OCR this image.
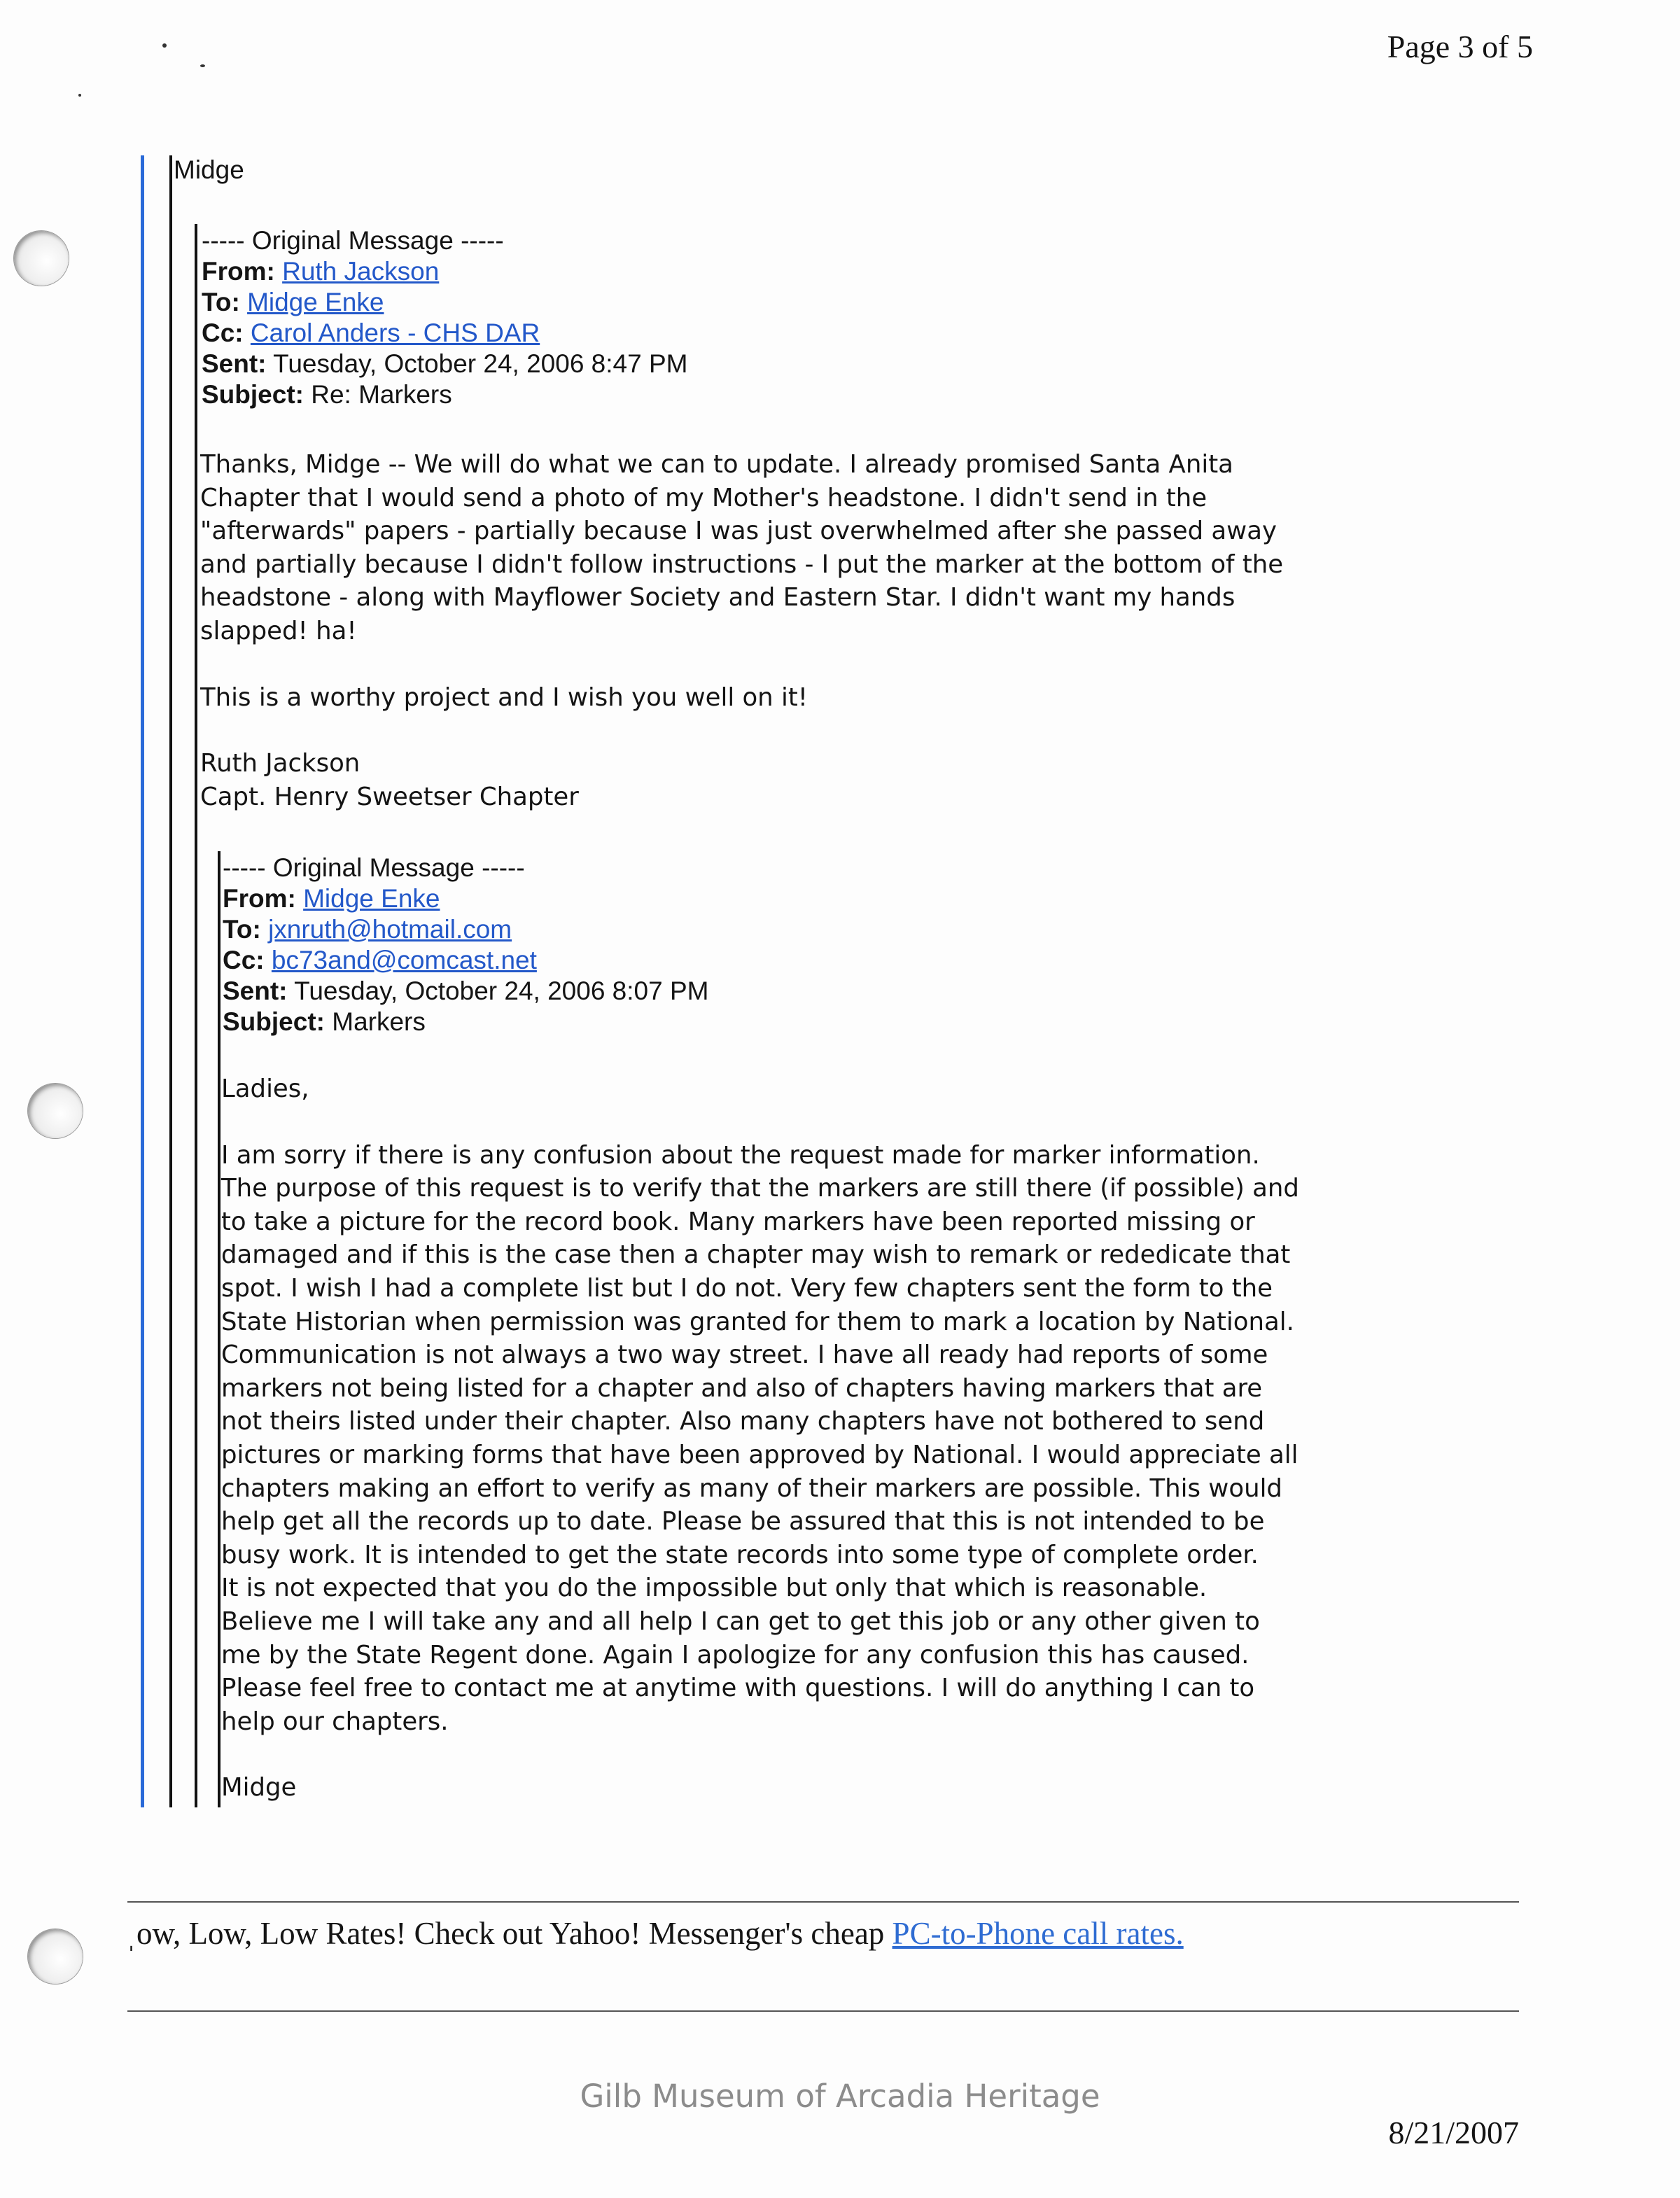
Page 3 of 5
Midge
----- Original Message -----
From: Ruth Jackson
To: Midge Enke
Cc: Carol Anders - CHS DAR
Sent: Tuesday, October 24, 2006 8:47 PM
Subject: Re: Markers
Thanks, Midge -- We will do what we can to update. I already promised Santa Anita
Chapter that I would send a photo of my Mother's headstone. I didn't send in the
"afterwards" papers - partially because I was just overwhelmed after she passed away
and partially because I didn't follow instructions - I put the marker at the bottom of the
headstone - along with Mayflower Society and Eastern Star. I didn't want my hands
slapped! ha!
This is a worthy project and I wish you well on it!
Ruth Jackson
Capt. Henry Sweetser Chapter
----- Original Message -----
From: Midge Enke
To: jxnruth@hotmail.com
Cc: bc73and@comcast.net
Sent: Tuesday, October 24, 2006 8:07 PM
Subject: Markers
Ladies,
I am sorry if there is any confusion about the request made for marker information.
The purpose of this request is to verify that the markers are still there (if possible) and
to take a picture for the record book. Many markers have been reported missing or
damaged and if this is the case then a chapter may wish to remark or rededicate that
spot. I wish I had a complete list but I do not. Very few chapters sent the form to the
State Historian when permission was granted for them to mark a location by National.
Communication is not always a two way street. I have all ready had reports of some
markers not being listed for a chapter and also of chapters having markers that are
not theirs listed under their chapter. Also many chapters have not bothered to send
pictures or marking forms that have been approved by National. I would appreciate all
chapters making an effort to verify as many of their markers are possible. This would
help get all the records up to date. Please be assured that this is not intended to be
busy work. It is intended to get the state records into some type of complete order.
It is not expected that you do the impossible but only that which is reasonable.
Believe me I will take any and all help I can get to get this job or any other given to
me by the State Regent done. Again I apologize for any confusion this has caused.
Please feel free to contact me at anytime with questions. I will do anything I can to
help our chapters.
Midge
ˌow, Low, Low Rates! Check out Yahoo! Messenger's cheap PC-to-Phone call rates.
Gilb Museum of Arcadia Heritage
8/21/2007
